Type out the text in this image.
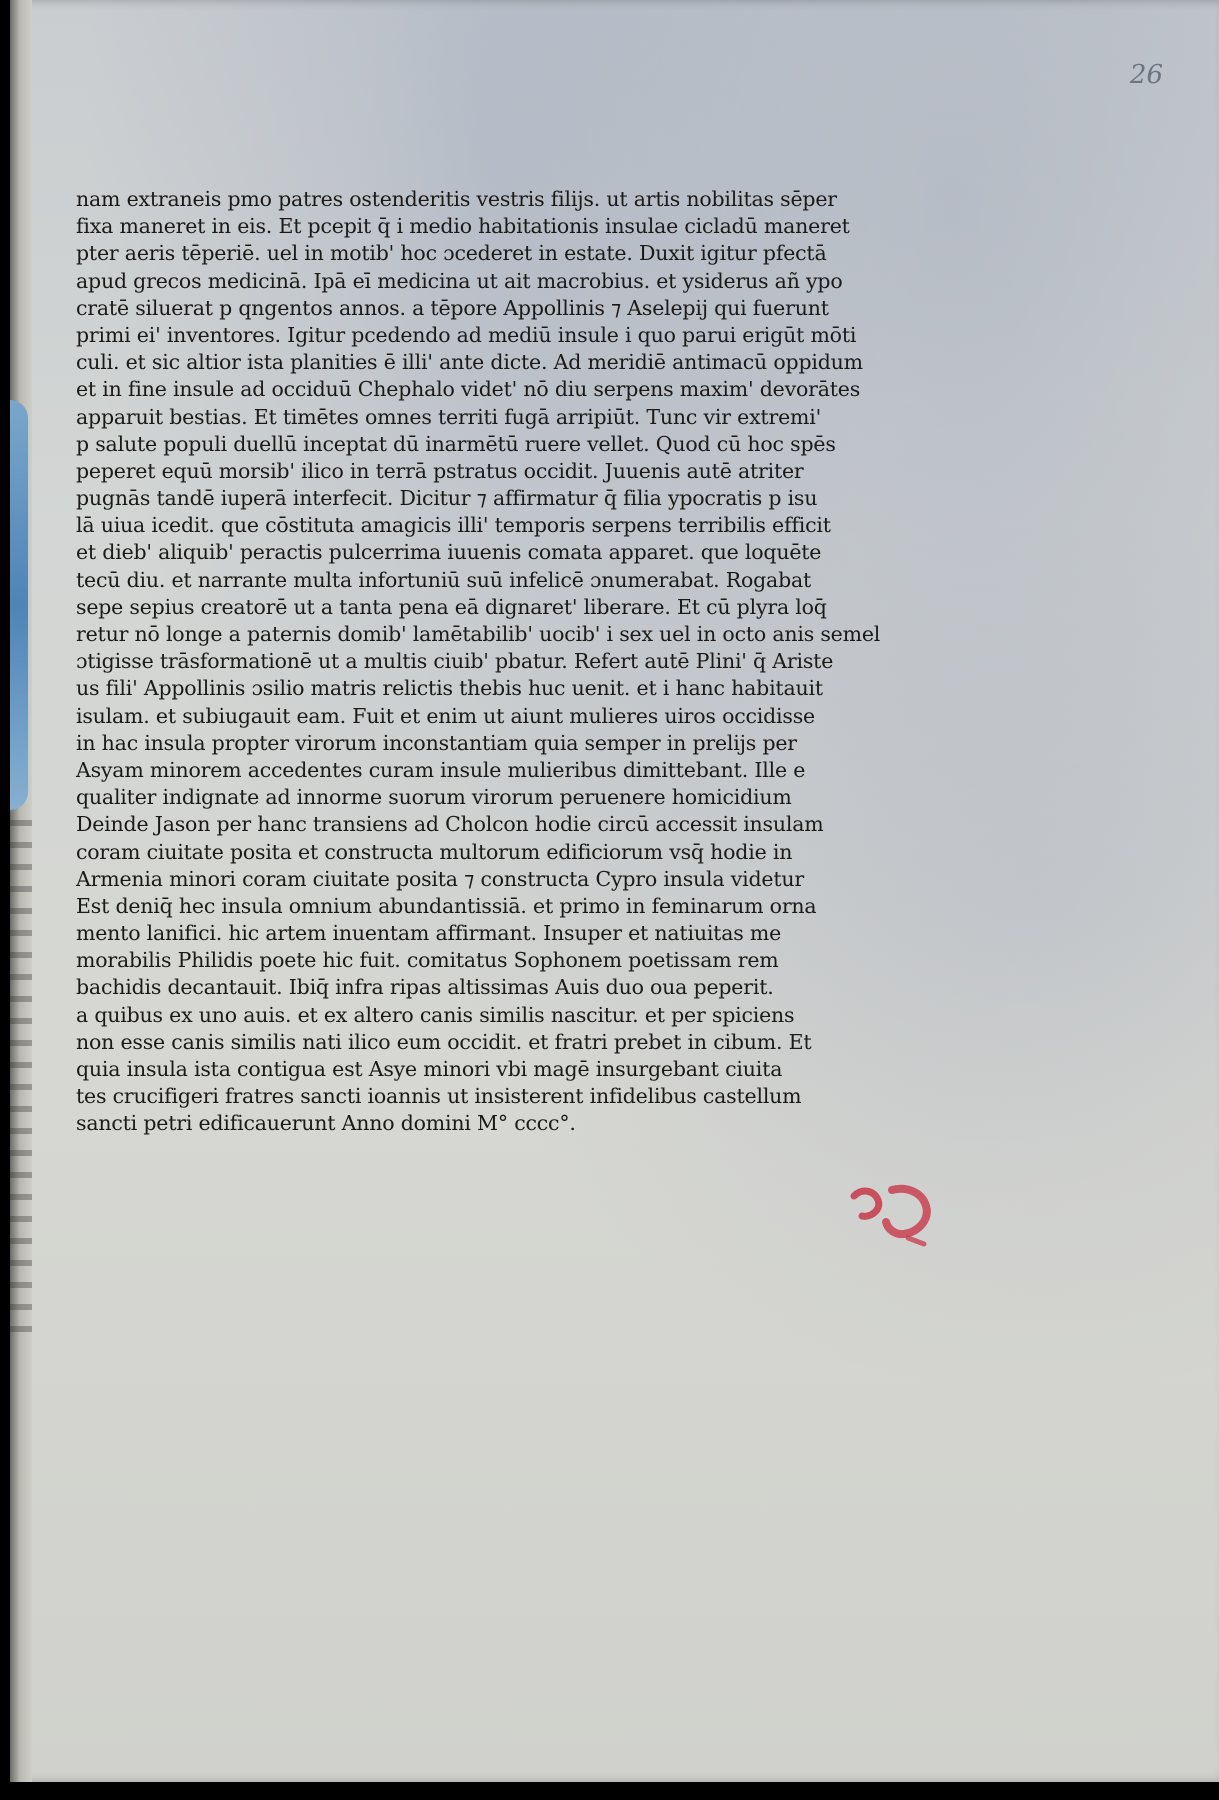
26
nam extraneis pmo patres ostenderitis vestris filijs. ut artis nobilitas sēper
fixa maneret in eis. Et pcepit q̄ i medio habitationis insulae cicladū maneret
pter aeris tēperiē. uel in motib' hoc ɔcederet in estate. Duxit igitur pfectā
apud grecos medicinā. Ipā eī medicina ut ait macrobius. et ysiderus añ ypo
cratē siluerat p qngentos annos. a tēpore Appollinis ⁊ Aselepij qui fuerunt
primi ei' inventores. Igitur pcedendo ad mediū insule i quo parui erigūt mōti
culi. et sic altior ista planities ē illi' ante dicte. Ad meridiē antimacū oppidum
et in fine insule ad occiduū Chephalo videt' nō diu serpens maxim' devorātes
apparuit bestias. Et timētes omnes territi fugā arripiūt. Tunc vir extremi'
p salute populi duellū inceptat dū inarmētū ruere vellet. Quod cū hoc spēs
peperet equū morsib' ilico in terrā pstratus occidit. Juuenis autē atriter
pugnās tandē iuperā interfecit. Dicitur ⁊ affirmatur q̄ filia ypocratis p isu
lā uiua icedit. que cōstituta amagicis illi' temporis serpens terribilis efficit
et dieb' aliquib' peractis pulcerrima iuuenis comata apparet. que loquēte
tecū diu. et narrante multa infortuniū suū infelicē ɔnumerabat. Rogabat
sepe sepius creatorē ut a tanta pena eā dignaret' liberare. Et cū plyra loq̄
retur nō longe a paternis domib' lamētabilib' uocib' i sex uel in octo anis semel
ɔtigisse trāsformationē ut a multis ciuib' pbatur. Refert autē Plini' q̄ Ariste
us fili' Appollinis ɔsilio matris relictis thebis huc uenit. et i hanc habitauit
isulam. et subiugauit eam. Fuit et enim ut aiunt mulieres uiros occidisse
in hac insula propter virorum inconstantiam quia semper in prelijs per
Asyam minorem accedentes curam insule mulieribus dimittebant. Ille e
qualiter indignate ad innorme suorum virorum peruenere homicidium
Deinde Jason per hanc transiens ad Cholcon hodie circū accessit insulam
coram ciuitate posita et constructa multorum edificiorum vsq̄ hodie in
Armenia minori coram ciuitate posita ⁊ constructa Cypro insula videtur
Est deniq̄ hec insula omnium abundantissiā. et primo in feminarum orna
mento lanifici. hic artem inuentam affirmant. Insuper et natiuitas me
morabilis Philidis poete hic fuit. comitatus Sophonem poetissam rem
bachidis decantauit. Ibiq̄ infra ripas altissimas Auis duo oua peperit.
a quibus ex uno auis. et ex altero canis similis nascitur. et per spiciens
non esse canis similis nati ilico eum occidit. et fratri prebet in cibum. Et
quia insula ista contigua est Asye minori vbi magē insurgebant ciuita
tes crucifigeri fratres sancti ioannis ut insisterent infidelibus castellum
sancti petri edificauerunt Anno domini M° cccc°.
